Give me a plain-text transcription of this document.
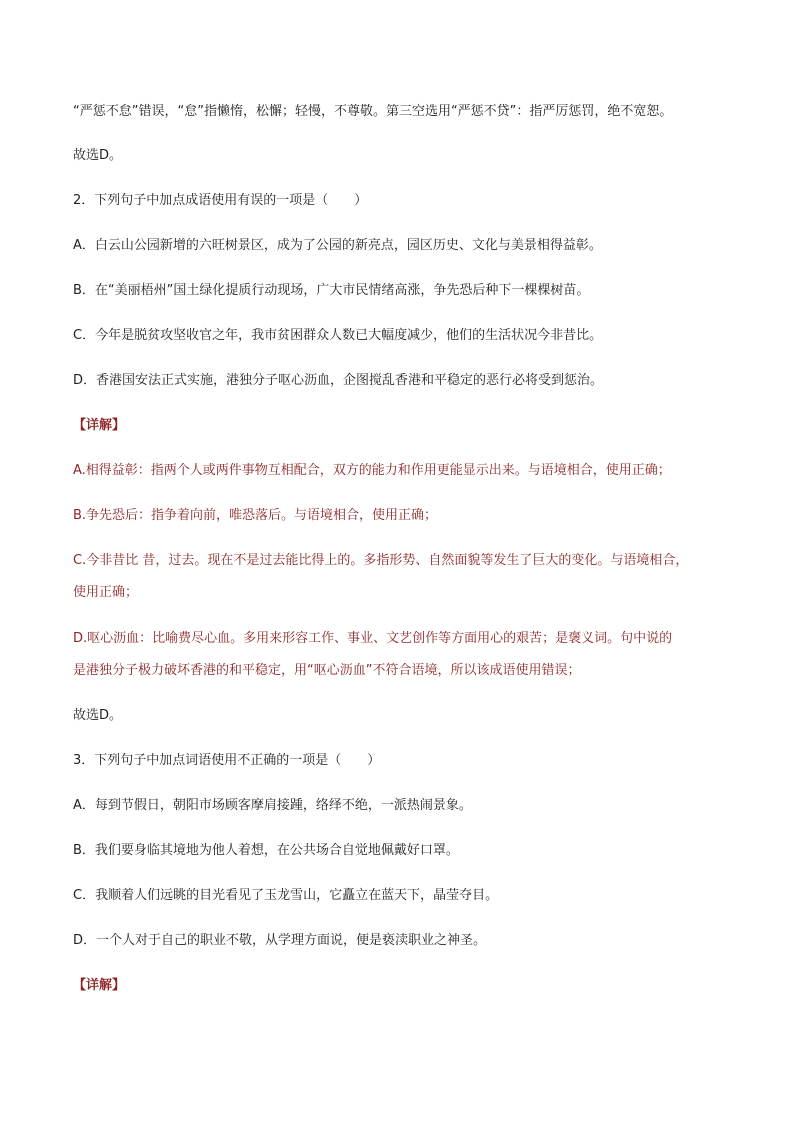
“严惩不怠”错误，“怠”指懒惰，松懈；轻慢，不尊敬。第三空选用“严惩不贷”：指严厉惩罚，绝不宽恕。
故选D。
2．下列句子中加点成语使用有误的一项是（　　）
A．白云山公园新增的六旺树景区，成为了公园的新亮点，园区历史、文化与美景相得益彰。
B．在“美丽梧州”国土绿化提质行动现场，广大市民情绪高涨，争先恐后种下一棵棵树苗。
C．今年是脱贫攻坚收官之年，我市贫困群众人数已大幅度减少，他们的生活状况今非昔比。
D．香港国安法正式实施，港独分子呕心沥血，企图搅乱香港和平稳定的恶行必将受到惩治。
【详解】
A.相得益彰：指两个人或两件事物互相配合，双方的能力和作用更能显示出来。与语境相合，使用正确；
B.争先恐后：指争着向前，唯恐落后。与语境相合，使用正确；
C.今非昔比 昔，过去。现在不是过去能比得上的。多指形势、自然面貌等发生了巨大的变化。与语境相合，
使用正确；
D.呕心沥血：比喻费尽心血。多用来形容工作、事业、文艺创作等方面用心的艰苦；是褒义词。句中说的
是港独分子极力破坏香港的和平稳定，用“呕心沥血”不符合语境，所以该成语使用错误；
故选D。
3．下列句子中加点词语使用不正确的一项是（　　）
A．每到节假日，朝阳市场顾客摩肩接踵，络绎不绝，一派热闹景象。
B．我们要身临其境地为他人着想，在公共场合自觉地佩戴好口罩。
C．我顺着人们远眺的目光看见了玉龙雪山，它矗立在蓝天下，晶莹夺目。
D．一个人对于自己的职业不敬，从学理方面说，便是亵渎职业之神圣。
【详解】
